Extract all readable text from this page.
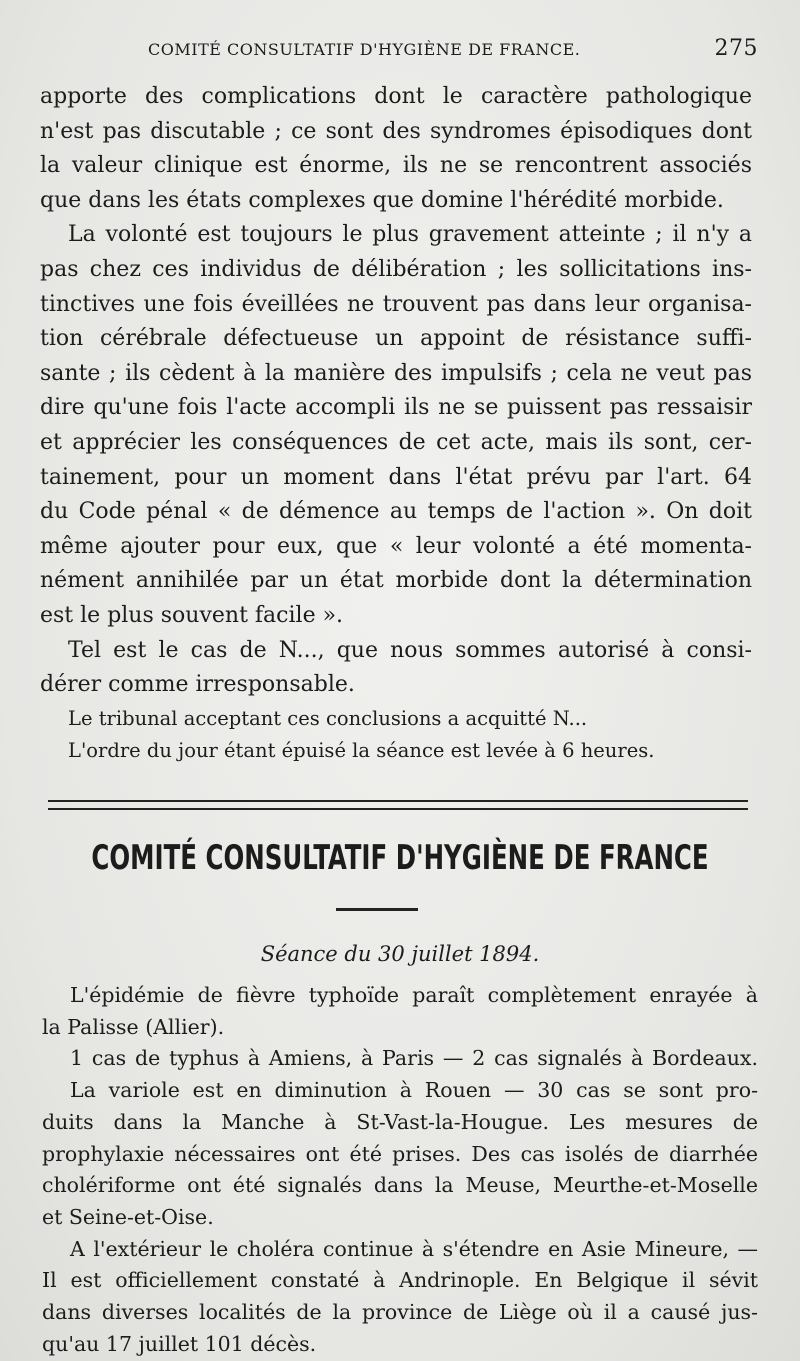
COMITÉ CONSULTATIF D'HYGIÈNE DE FRANCE.	275

apporte des complications dont le caractère pathologique

n'est pas discutable ; ce sont des syndromes épisodiques dont

la valeur clinique est énorme, ils ne se rencontrent associés

que dans les états complexes que domine l'hérédité morbide.

La volonté est toujours le plus gravement atteinte ; il n'y a

pas chez ces individus de délibération ; les sollicitations ins-

tinctives une fois éveillées ne trouvent pas dans leur organisa-

tion cérébrale défectueuse un appoint de résistance suffi-

sante ; ils cèdent à la manière des impulsifs ; cela ne veut pas

dire qu'une fois l'acte accompli ils ne se puissent pas ressaisir

et apprécier les conséquences de cet acte, mais ils sont, cer-

tainement, pour un moment dans l'état prévu par l'art. 64

du Code pénal « de démence au temps de l'action ». On doit

même ajouter pour eux, que « leur volonté a été momenta-

nément annihilée par un état morbide dont la détermination

est le plus souvent facile ».

Tel est le cas de N..., que nous sommes autorisé à consi-

dérer comme irresponsable.

Le tribunal acceptant ces conclusions a acquitté N...

L'ordre du jour étant épuisé la séance est levée à 6 heures.

COMITÉ CONSULTATIF D'HYGIÈNE DE FRANCE
Séance du 30 juillet 1894.

L'épidémie de fièvre typhoïde paraît complètement enrayée à

la Palisse (Allier).

1 cas de typhus à Amiens, à Paris — 2 cas signalés à Bordeaux.

La variole est en diminution à Rouen — 30 cas se sont pro-

duits dans la Manche à St-Vast-la-Hougue. Les mesures de

prophylaxie nécessaires ont été prises. Des cas isolés de diarrhée

cholériforme ont été signalés dans la Meuse, Meurthe-et-Moselle

et Seine-et-Oise.

A l'extérieur le choléra continue à s'étendre en Asie Mineure, —

Il est officiellement constaté à Andrinople. En Belgique il sévit

dans diverses localités de la province de Liège où il a causé jus-

qu'au 17 juillet 101 décès.
